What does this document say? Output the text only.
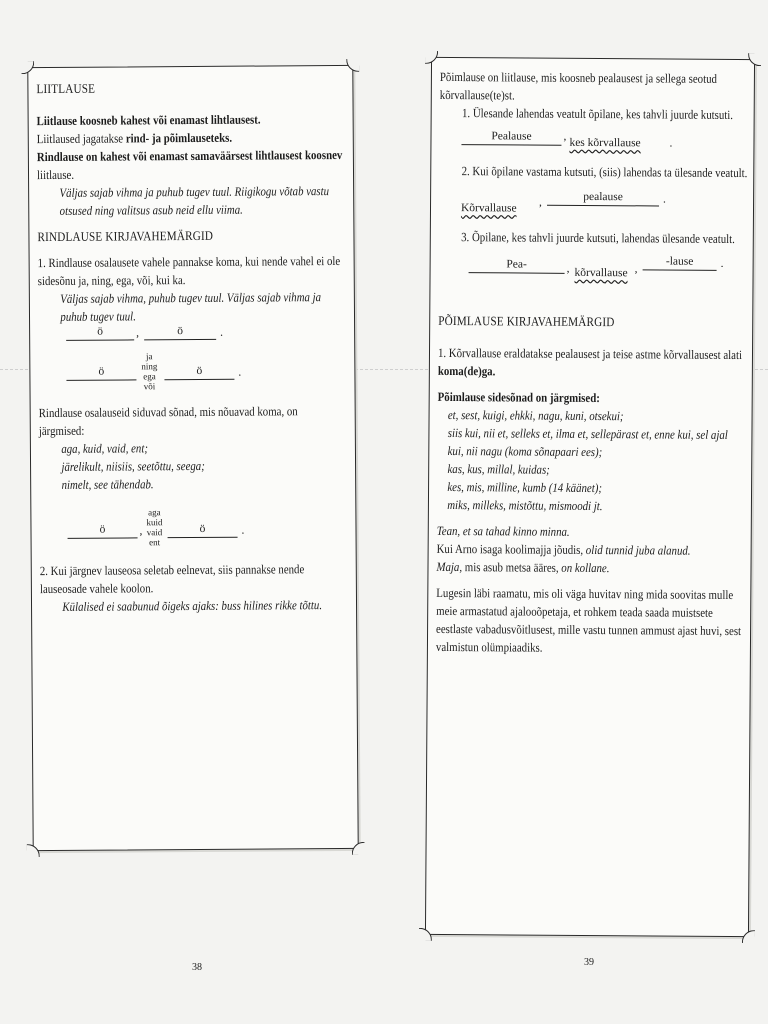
LIITLAUSE

Liitlause koosneb kahest või enamast lihtlausest.

Liitlaused jagatakse rind- ja põimlauseteks.

Rindlause on kahest või enamast samaväärsest lihtlausest koosnev

liitlause.

Väljas sajab vihma ja puhub tugev tuul. Riigikogu võtab vastu

otsused ning valitsus asub neid ellu viima.

RINDLAUSE KIRJAVAHEMÄRGID

1. Rindlause osalausete vahele pannakse koma, kui nende vahel ei ole

sidesõnu ja, ning, ega, või, kui ka.

Väljas sajab vihma, puhub tugev tuul. Väljas sajab vihma ja

puhub tugev tuul.

ö	,	ö	.
ö
ja
ning
ega
või
ö	.

Rindlause osalauseid siduvad sõnad, mis nõuavad koma, on

järgmised:

aga, kuid, vaid, ent;

järelikult, niisiis, seetõttu, seega;

nimelt, see tähendab.

ö	,
aga
kuid
vaid
ent
ö	.

2. Kui järgnev lauseosa seletab eelnevat, siis pannakse nende

lauseosade vahele koolon.

Külalised ei saabunud õigeks ajaks: buss hilines rikke tõttu.

38

Põimlause on liitlause, mis koosneb pealausest ja sellega seotud

kõrvallause(te)st.

1. Ülesande lahendas veatult õpilane, kes tahvli juurde kutsuti.

Pealause	,
kes kõrvallause .

2. Kui õpilane vastama kutsuti, (siis) lahendas ta ülesande veatult.

Kõrvallause ,	pealause	.

3. Õpilane, kes tahvli juurde kutsuti, lahendas ülesande veatult.

Pea-	, kõrvallause ,
-lause	.

PÕIMLAUSE KIRJAVAHEMÄRGID

1. Kõrvallause eraldatakse pealausest ja teise astme kõrvallausest alati

koma(de)ga.

Põimlause sidesõnad on järgmised:

et, sest, kuigi, ehkki, nagu, kuni, otsekui;

siis kui, nii et, selleks et, ilma et, sellepärast et, enne kui, sel ajal

kui, nii nagu (koma sõnapaari ees);

kas, kus, millal, kuidas;

kes, mis, milline, kumb (14 käänet);

miks, milleks, mistõttu, mismoodi jt.

Tean, et sa tahad kinno minna.

Kui Arno isaga koolimajja jõudis, olid tunnid juba alanud.

Maja, mis asub metsa ääres, on kollane.

Lugesin läbi raamatu, mis oli väga huvitav ning mida soovitas mulle

meie armastatud ajalooõpetaja, et rohkem teada saada muistsete

eestlaste vabadusvõitlusest, mille vastu tunnen ammust ajast huvi, sest

valmistun olümpiaadiks.

39
